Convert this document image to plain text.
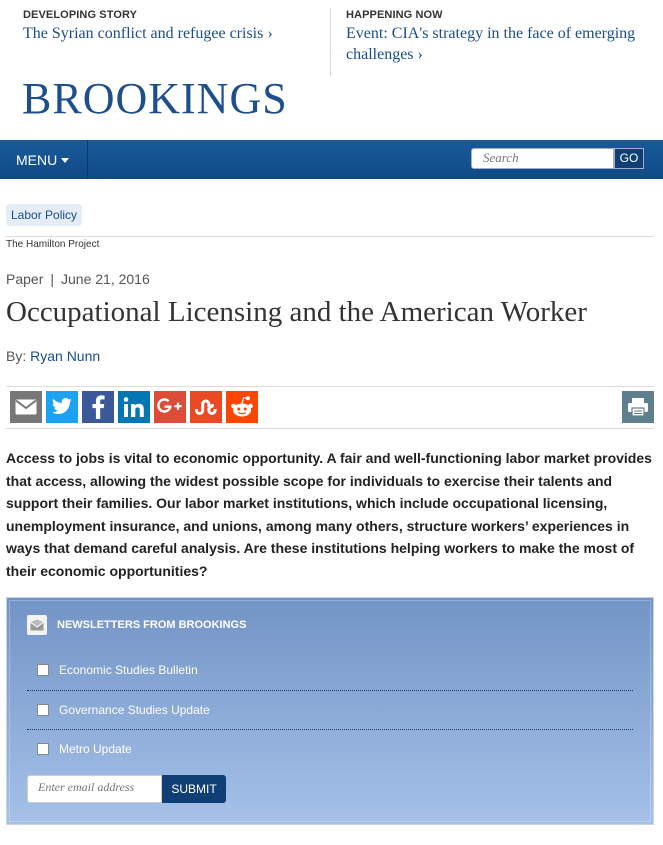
DEVELOPING STORY
The Syrian conflict and refugee crisis ›
HAPPENING NOW
Event: CIA's strategy in the face of emerging challenges ›
BROOKINGS
MENU	Search	GO
Labor Policy
The Hamilton Project
Paper | June 21, 2016
Occupational Licensing and the American Worker
By: Ryan Nunn
Access to jobs is vital to economic opportunity. A fair and well-functioning labor market provides that access, allowing the widest possible scope for individuals to exercise their talents and support their families. Our labor market institutions, which include occupational licensing, unemployment insurance, and unions, among many others, structure workers’ experiences in ways that demand careful analysis. Are these institutions helping workers to make the most of their economic opportunities?
NEWSLETTERS FROM BROOKINGS
Economic Studies Bulletin
Governance Studies Update
Metro Update
Enter email address	SUBMIT
